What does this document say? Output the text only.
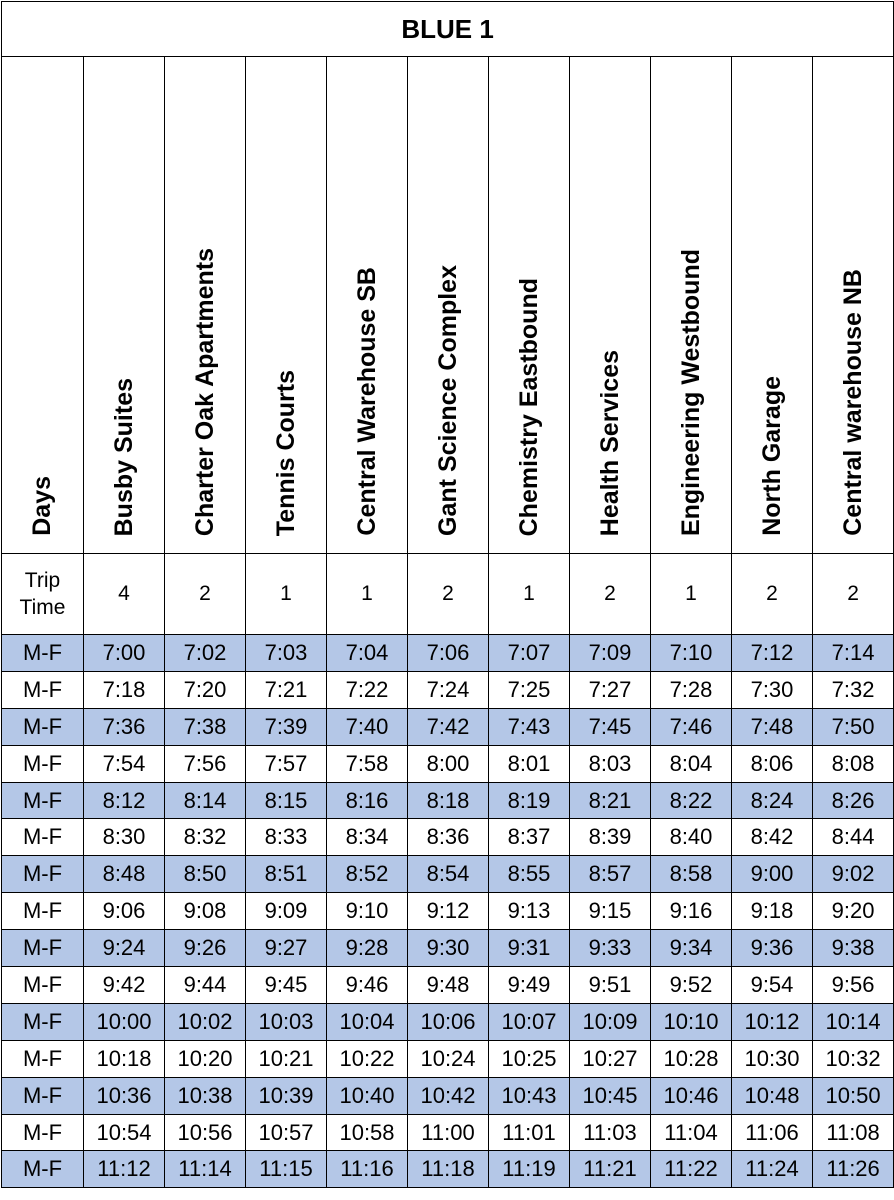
BLUE 1										
Days	Busby Suites	Charter Oak Apartments	Tennis Courts	Central Warehouse SB	Gant Science Complex	Chemistry Eastbound	Health Services	Engineering Westbound	North Garage	Central warehouse NB

Trip
Time	4	2	1	1	2	1	2	1	2	2
M-F	7:00	7:02	7:03	7:04	7:06	7:07	7:09	7:10	7:12	7:14
M-F	7:18	7:20	7:21	7:22	7:24	7:25	7:27	7:28	7:30	7:32
M-F	7:36	7:38	7:39	7:40	7:42	7:43	7:45	7:46	7:48	7:50
M-F	7:54	7:56	7:57	7:58	8:00	8:01	8:03	8:04	8:06	8:08
M-F	8:12	8:14	8:15	8:16	8:18	8:19	8:21	8:22	8:24	8:26
M-F	8:30	8:32	8:33	8:34	8:36	8:37	8:39	8:40	8:42	8:44
M-F	8:48	8:50	8:51	8:52	8:54	8:55	8:57	8:58	9:00	9:02
M-F	9:06	9:08	9:09	9:10	9:12	9:13	9:15	9:16	9:18	9:20
M-F	9:24	9:26	9:27	9:28	9:30	9:31	9:33	9:34	9:36	9:38
M-F	9:42	9:44	9:45	9:46	9:48	9:49	9:51	9:52	9:54	9:56
M-F	10:00	10:02	10:03	10:04	10:06	10:07	10:09	10:10	10:12	10:14
M-F	10:18	10:20	10:21	10:22	10:24	10:25	10:27	10:28	10:30	10:32
M-F	10:36	10:38	10:39	10:40	10:42	10:43	10:45	10:46	10:48	10:50
M-F	10:54	10:56	10:57	10:58	11:00	11:01	11:03	11:04	11:06	11:08
M-F	11:12	11:14	11:15	11:16	11:18	11:19	11:21	11:22	11:24	11:26
